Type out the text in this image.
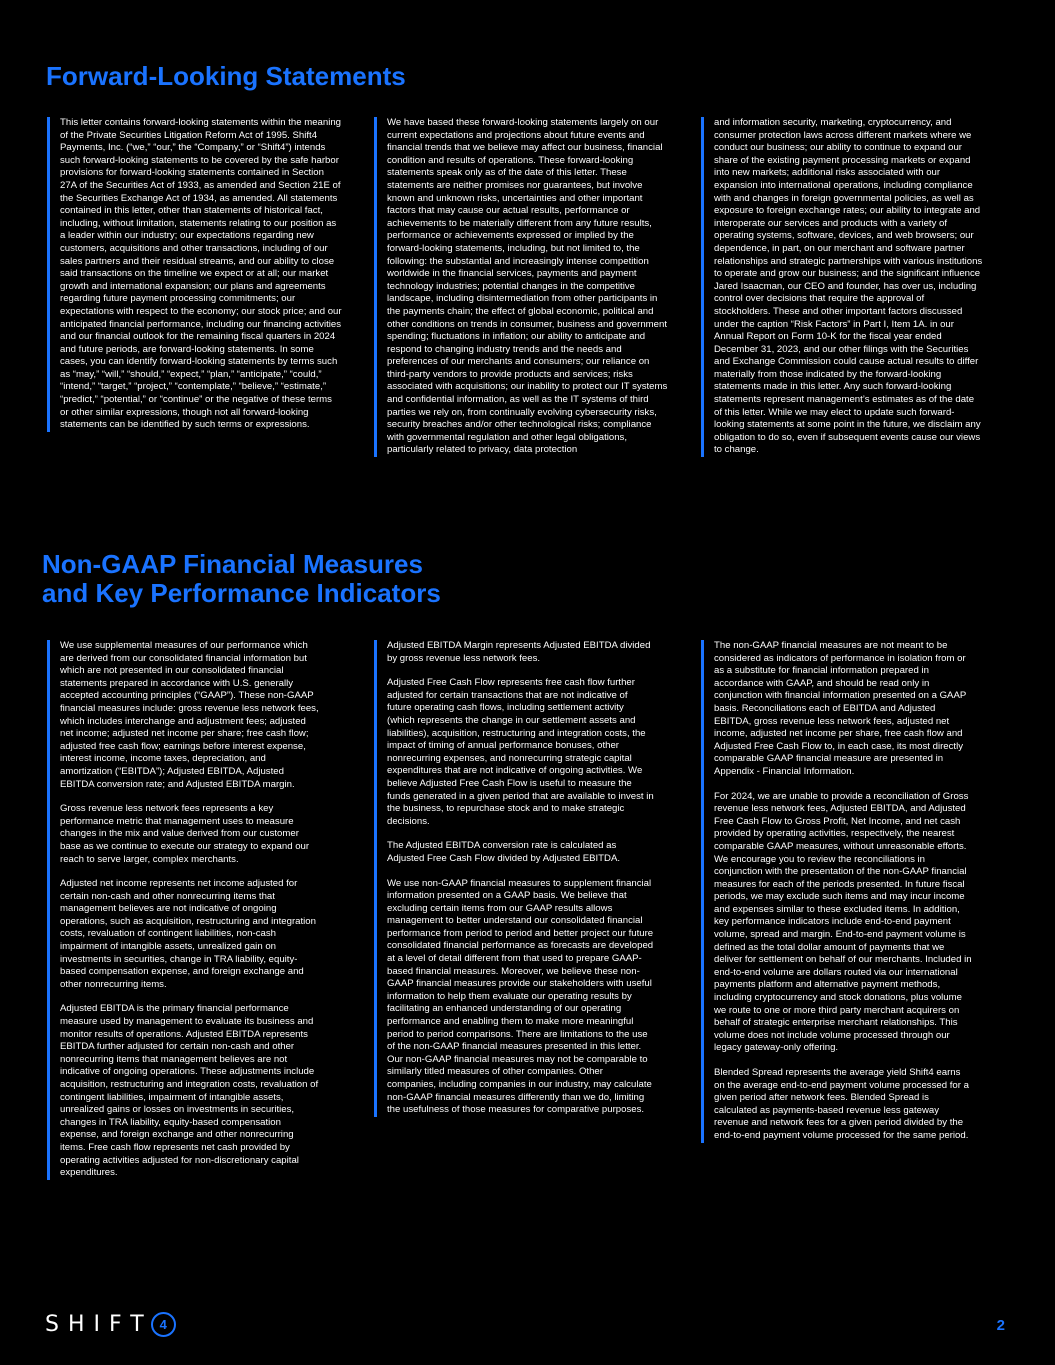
Forward-Looking Statements

This letter contains forward-looking statements within the meaning of the Private Securities Litigation Reform Act of 1995. Shift4 Payments, Inc. (“we,” “our,” the “Company,” or “Shift4”) intends such forward-looking statements to be covered by the safe harbor provisions for forward-looking statements contained in Section 27A of the Securities Act of 1933, as amended and Section 21E of the Securities Exchange Act of 1934, as amended. All statements contained in this letter, other than statements of historical fact, including, without limitation, statements relating to our position as a leader within our industry; our expectations regarding new customers, acquisitions and other transactions, including of our sales partners and their residual streams, and our ability to close said transactions on the timeline we expect or at all; our market growth and international expansion; our plans and agreements regarding future payment processing commitments; our expectations with respect to the economy; our stock price; and our anticipated financial performance, including our financing activities and our financial outlook for the remaining fiscal quarters in 2024 and future periods, are forward-looking statements. In some cases, you can identify forward-looking statements by terms such as “may,” “will,” “should,” “expect,” “plan,” “anticipate,” “could,” “intend,” “target,” “project,” “contemplate,” “believe,” “estimate,” “predict,” “potential,” or “continue” or the negative of these terms or other similar expressions, though not all forward-looking statements can be identified by such terms or expressions.

We have based these forward-looking statements largely on our current expectations and projections about future events and financial trends that we believe may affect our business, financial condition and results of operations. These forward-looking statements speak only as of the date of this letter. These statements are neither promises nor guarantees, but involve known and unknown risks, uncertainties and other important factors that may cause our actual results, performance or achievements to be materially different from any future results, performance or achievements expressed or implied by the forward-looking statements, including, but not limited to, the following: the substantial and increasingly intense competition worldwide in the financial services, payments and payment technology industries; potential changes in the competitive landscape, including disintermediation from other participants in the payments chain; the effect of global economic, political and other conditions on trends in consumer, business and government spending; fluctuations in inflation; our ability to anticipate and respond to changing industry trends and the needs and preferences of our merchants and consumers; our reliance on third-party vendors to provide products and services; risks associated with acquisitions; our inability to protect our IT systems and confidential information, as well as the IT systems of third parties we rely on, from continually evolving cybersecurity risks, security breaches and/or other technological risks; compliance with governmental regulation and other legal obligations, particularly related to privacy, data protection

and information security, marketing, cryptocurrency, and consumer protection laws across different markets where we conduct our business; our ability to continue to expand our share of the existing payment processing markets or expand into new markets; additional risks associated with our expansion into international operations, including compliance with and changes in foreign governmental policies, as well as exposure to foreign exchange rates; our ability to integrate and interoperate our services and products with a variety of operating systems, software, devices, and web browsers; our dependence, in part, on our merchant and software partner relationships and strategic partnerships with various institutions to operate and grow our business; and the significant influence Jared Isaacman, our CEO and founder, has over us, including control over decisions that require the approval of stockholders. These and other important factors discussed under the caption “Risk Factors” in Part I, Item 1A. in our Annual Report on Form 10-K for the fiscal year ended December 31, 2023, and our other filings with the Securities and Exchange Commission could cause actual results to differ materially from those indicated by the forward-looking statements made in this letter. Any such forward-looking statements represent management’s estimates as of the date of this letter. While we may elect to update such forward-looking statements at some point in the future, we disclaim any obligation to do so, even if subsequent events cause our views to change.

Non-GAAP Financial Measures
and Key Performance Indicators

We use supplemental measures of our performance which are derived from our consolidated financial information but which are not presented in our consolidated financial statements prepared in accordance with U.S. generally accepted accounting principles (“GAAP”). These non-GAAP financial measures include: gross revenue less network fees, which includes interchange and adjustment fees; adjusted net income; adjusted net income per share; free cash flow; adjusted free cash flow; earnings before interest expense, interest income, income taxes, depreciation, and amortization (“EBITDA”); Adjusted EBITDA, Adjusted EBITDA conversion rate; and Adjusted EBITDA margin.

Gross revenue less network fees represents a key performance metric that management uses to measure changes in the mix and value derived from our customer base as we continue to execute our strategy to expand our reach to serve larger, complex merchants.

Adjusted net income represents net income adjusted for certain non-cash and other nonrecurring items that management believes are not indicative of ongoing operations, such as acquisition, restructuring and integration costs, revaluation of contingent liabilities, non-cash impairment of intangible assets, unrealized gain on investments in securities, change in TRA liability, equity-based compensation expense, and foreign exchange and other nonrecurring items.

Adjusted EBITDA is the primary financial performance measure used by management to evaluate its business and monitor results of operations. Adjusted EBITDA represents EBITDA further adjusted for certain non-cash and other nonrecurring items that management believes are not indicative of ongoing operations. These adjustments include acquisition, restructuring and integration costs, revaluation of contingent liabilities, impairment of intangible assets, unrealized gains or losses on investments in securities, changes in TRA liability, equity-based compensation expense, and foreign exchange and other nonrecurring items. Free cash flow represents net cash provided by operating activities adjusted for non-discretionary capital expenditures.

Adjusted EBITDA Margin represents Adjusted EBITDA divided by gross revenue less network fees.

Adjusted Free Cash Flow represents free cash flow further adjusted for certain transactions that are not indicative of future operating cash flows, including settlement activity (which represents the change in our settlement assets and liabilities), acquisition, restructuring and integration costs, the impact of timing of annual performance bonuses, other nonrecurring expenses, and nonrecurring strategic capital expenditures that are not indicative of ongoing activities. We believe Adjusted Free Cash Flow is useful to measure the funds generated in a given period that are available to invest in the business, to repurchase stock and to make strategic decisions.

The Adjusted EBITDA conversion rate is calculated as Adjusted Free Cash Flow divided by Adjusted EBITDA.

We use non-GAAP financial measures to supplement financial information presented on a GAAP basis. We believe that excluding certain items from our GAAP results allows management to better understand our consolidated financial performance from period to period and better project our future consolidated financial performance as forecasts are developed at a level of detail different from that used to prepare GAAP-based financial measures. Moreover, we believe these non-GAAP financial measures provide our stakeholders with useful information to help them evaluate our operating results by facilitating an enhanced understanding of our operating performance and enabling them to make more meaningful period to period comparisons. There are limitations to the use of the non-GAAP financial measures presented in this letter. Our non-GAAP financial measures may not be comparable to similarly titled measures of other companies. Other companies, including companies in our industry, may calculate non-GAAP financial measures differently than we do, limiting the usefulness of those measures for comparative purposes.

The non-GAAP financial measures are not meant to be considered as indicators of performance in isolation from or as a substitute for financial information prepared in accordance with GAAP, and should be read only in conjunction with financial information presented on a GAAP basis. Reconciliations each of EBITDA and Adjusted EBITDA, gross revenue less network fees, adjusted net income, adjusted net income per share, free cash flow and Adjusted Free Cash Flow to, in each case, its most directly comparable GAAP financial measure are presented in Appendix - Financial Information.

For 2024, we are unable to provide a reconciliation of Gross revenue less network fees, Adjusted EBITDA, and Adjusted Free Cash Flow to Gross Profit, Net Income, and net cash provided by operating activities, respectively, the nearest comparable GAAP measures, without unreasonable efforts. We encourage you to review the reconciliations in conjunction with the presentation of the non-GAAP financial measures for each of the periods presented. In future fiscal periods, we may exclude such items and may incur income and expenses similar to these excluded items. In addition, key performance indicators include end-to-end payment volume, spread and margin. End-to-end payment volume is defined as the total dollar amount of payments that we deliver for settlement on behalf of our merchants. Included in end-to-end volume are dollars routed via our international payments platform and alternative payment methods, including cryptocurrency and stock donations, plus volume we route to one or more third party merchant acquirers on behalf of strategic enterprise merchant relationships. This volume does not include volume processed through our legacy gateway-only offering.

Blended Spread represents the average yield Shift4 earns on the average end-to-end payment volume processed for a given period after network fees. Blended Spread is calculated as payments-based revenue less gateway revenue and network fees for a given period divided by the end-to-end payment volume processed for the same period.

SHIFT 4	2
